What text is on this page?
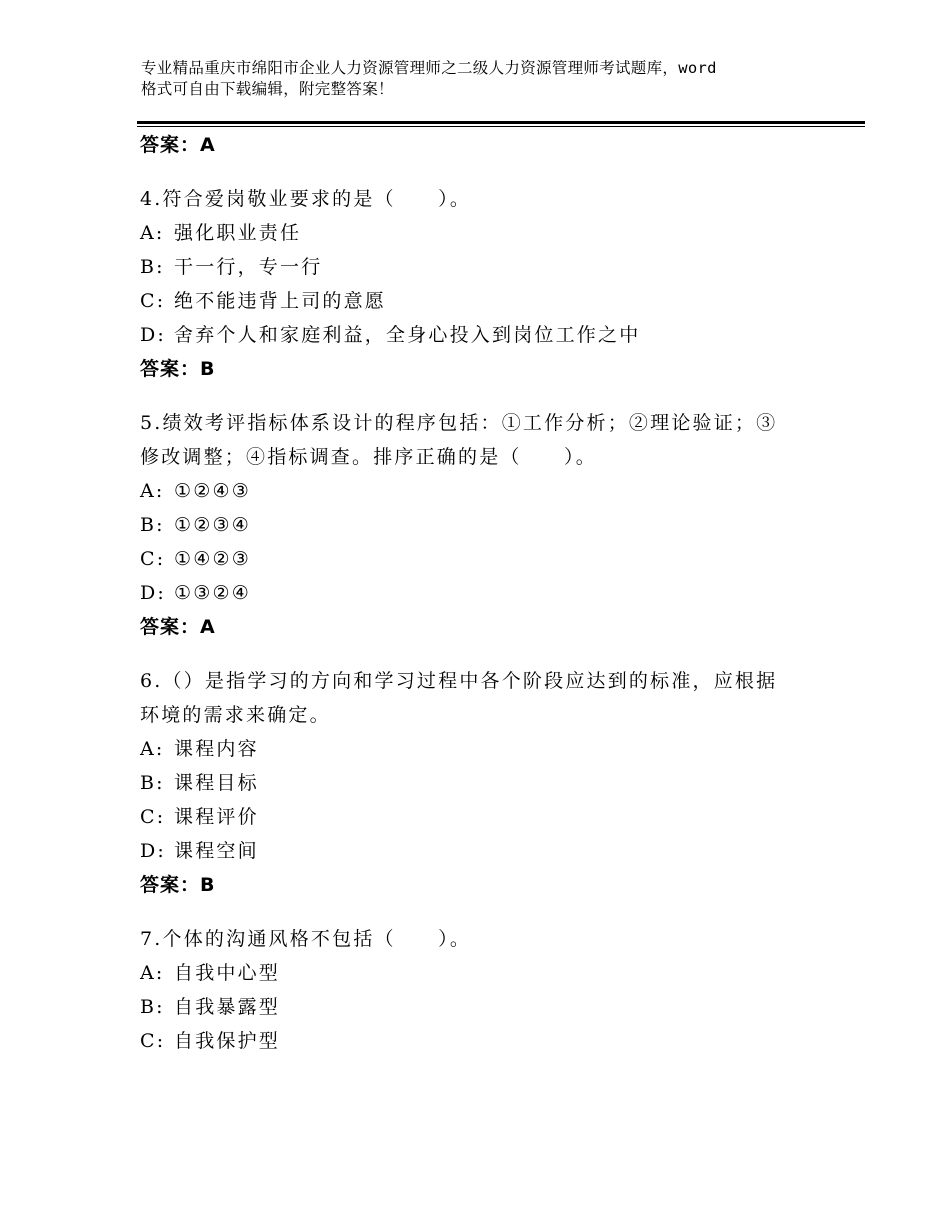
专业精品重庆市绵阳市企业人力资源管理师之二级人力资源管理师考试题库，word
格式可自由下载编辑，附完整答案！
答案：A
4.符合爱岗敬业要求的是（　　）。
A: 强化职业责任
B: 干一行，专一行
C: 绝不能违背上司的意愿
D: 舍弃个人和家庭利益，全身心投入到岗位工作之中
答案：B
5.绩效考评指标体系设计的程序包括：①工作分析；②理论验证；③
修改调整；④指标调查。排序正确的是（　　）。
A: ①②④③
B: ①②③④
C: ①④②③
D: ①③②④
答案：A
6.（）是指学习的方向和学习过程中各个阶段应达到的标准，应根据
环境的需求来确定。
A: 课程内容
B: 课程目标
C: 课程评价
D: 课程空间
答案：B
7.个体的沟通风格不包括（　　）。
A: 自我中心型
B: 自我暴露型
C: 自我保护型
